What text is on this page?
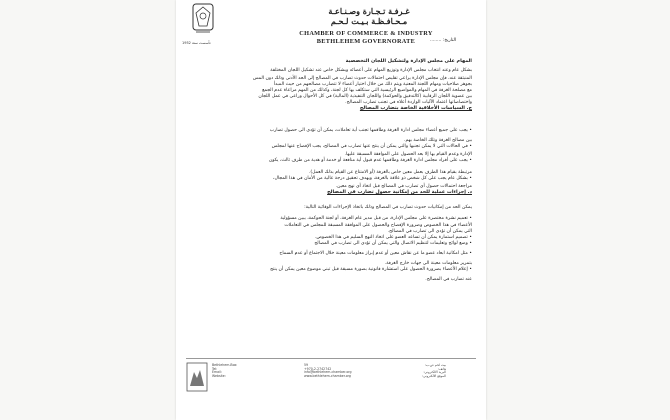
تأسست سنة 1952
غـرفـة تـجـارة وصـنـاعـة
مـحـافـظـة بـيـت لـحـم
CHAMBER OF COMMERCE & INDUSTRY
BETHLEHEM GOVERNORATE	التاريخ: ........
المهام على مجلس الإدارة ولتشكيل اللجان التخصصية
بشكل عام وعند انتخاب مجلس الإدارة وتوزيع المهام على أعضائه وبشكل خاص عند تشكيل اللجان المختلفة
المنبثقة عنه، فإن مجلس الإدارة يراعي تقليص احتمالات حدوث تضارب في المصالح إلى الحد الأدنى وذلك دون المس
بجوهر صلاحيات ومهام اللجنة المعنية ويتم ذلك من خلال اختيار أعضاء لا تتضارب مصالحهم من حيث المبدأ
مع مصلحة الغرفة في المهام والمواضيع الرئيسية التي ستكلف بها كل لجنة، وكذلك من المهم مراعاة عدم الجمع
بين عضوية اللجان الرقابية (كالتدقيق والحوكمة) واللجان التنفيذية (المالية) في كل الأحوال وراعى في عمل اللجان
واختصاصاتها اعتماد الآليات الواردة أعلاه في تجنب تضارب المصالح.
ج. السياسات الأخلاقية الخاصة بتضارب المصالح
• يجب على جميع أعضاء مجلس ادارة الغرفة وطاقمها تجنب أية تعاملات، يمكن أن تؤدي الى حصول تضارب
بين مصالح الغرفة وتلك الخاصة بهم.
• في الحالات التي لا يمكن تجنبها والتي يمكن أن ينتج عنها تضارب في المصالح، يجب الإفصاح عنها لمجلس
الإدارة وعدم القيام بها إلا بعد الحصول على الموافقة المسبقة عليها.
• يجب على أفراد مجلس ادارة الغرفة وطاقمها عدم قبول أية منافعة أو خدمة أو هدية من طرف ثالث، يكون
مرتبطة بقيام هذا الطرف بعمل معين خاص بالغرفة (أو الامتناع عن القيام بذلك العمل).
• بشكل عام يجب على كل شخص ذو علاقة بالغرفة، ويهدف تحقيق درجة عالية من الأمان في هذا المجال،
مراجعة احتمالات حصول أي تضارب في المصالح قبل اتخاذ أي نهج معين.
د. إجراءات عملية للحد من إمكانية حصول تضارب في المصالح
يمكن الحد من إمكانيات حدوث تضارب في المصالح وذلك باتخاذ الإجراءات الوقائية التالية:
• تعميم نشرة مختصرة على مجلس الإدارة، من قبل مدير عام الغرفة، أو لجنة الحوكمة، يبين مسؤولية
الأعضاء في هذا الخصوص وضرورة الإفصاح والحصول على الموافقة المسبقة للمجلس في التعاملات
التي يمكن أن تؤدي الى تضارب في المصالح.
• تصميم استمارة يمكن أن تساعد العضو على اتخاذ النهج السليم في هذا الخصوص.
• وضع لوائح وتعليمات لتنظيم الاتصال والتي يمكن أن تؤدي الى تضارب في المصالح
• مثل امكانية ابعاد عضو ما عن نقاش معين أو عدم إبراز معلومات معينة خلال الاجتماع أو عدم السماح
بتمرير معلومات معينة الى جهات خارج الغرفة.
• إعلام الأعضاء بضرورة الحصول على استشارة قانونية بصورة مسبقة قبل تبني موضوع معين يمكن أن ينتج
عنه تضارب في المصالح.
Bethlehem-Box:
Tel:
Email:
Website:
59
+970-2-2742742
info@bethlehem-chamber.org
www.bethlehem-chamber.org
بيت لحم ص.ب:
هاتف:
البريد الالكتروني:
الموقع الالكتروني:
